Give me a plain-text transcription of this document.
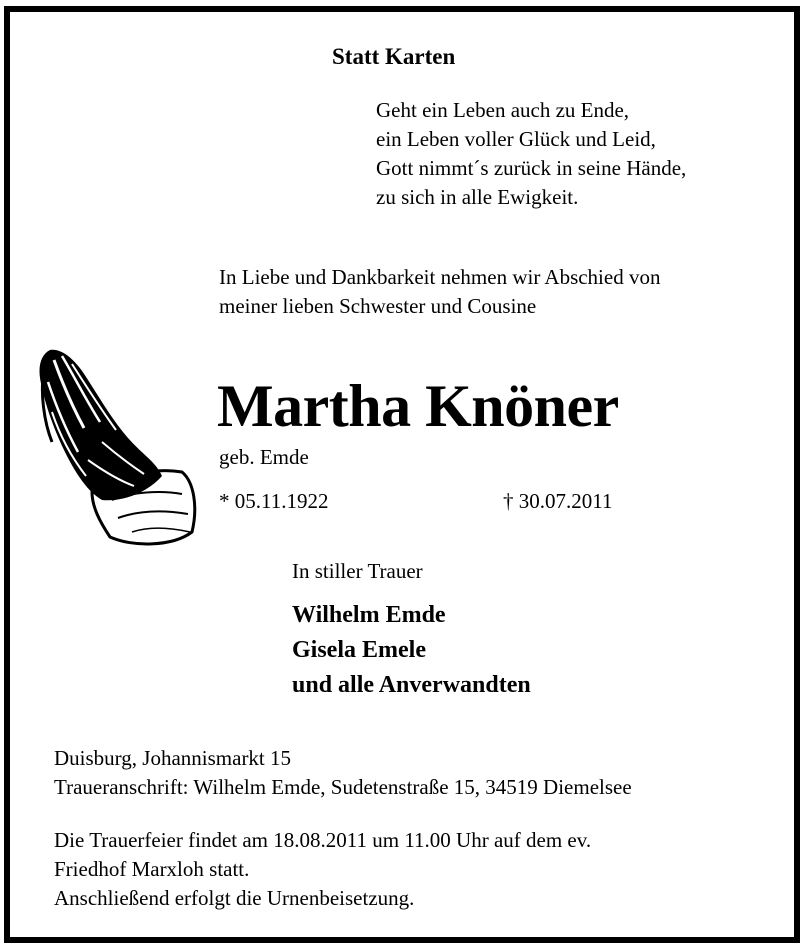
Statt Karten
Geht ein Leben auch zu Ende,
ein Leben voller Glück und Leid,
Gott nimmt´s zurück in seine Hände,
zu sich in alle Ewigkeit.
In Liebe und Dankbarkeit nehmen wir Abschied von
meiner lieben Schwester und Cousine
Martha Knöner
geb. Emde
* 05.11.1922	† 30.07.2011
In stiller Trauer
Wilhelm Emde
Gisela Emele
und alle Anverwandten
Duisburg, Johannismarkt 15
Traueranschrift: Wilhelm Emde, Sudetenstraße 15, 34519 Diemelsee
Die Trauerfeier findet am 18.08.2011 um 11.00 Uhr auf dem ev.
Friedhof Marxloh statt.
Anschließend erfolgt die Urnenbeisetzung.
